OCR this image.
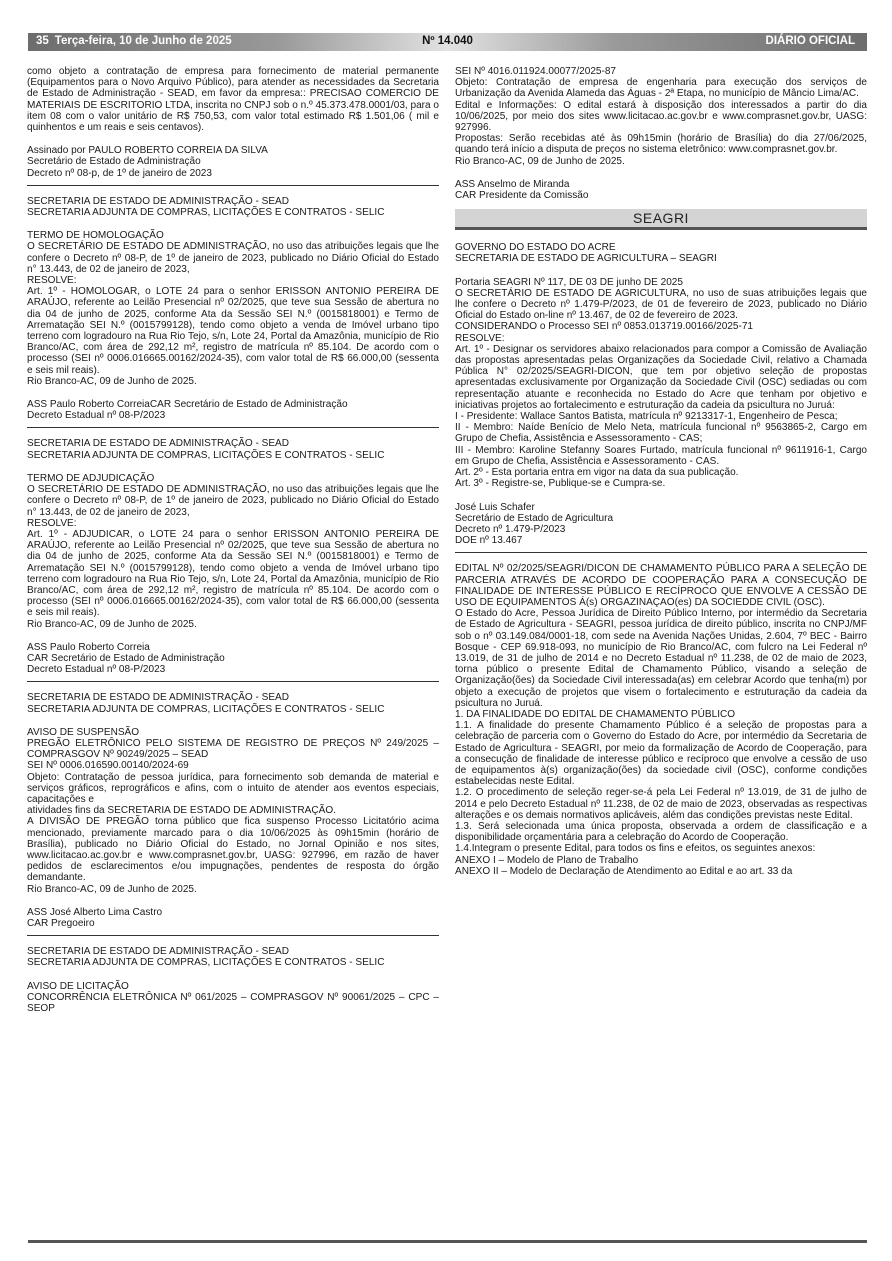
35 Terça-feira, 10 de Junho de 2025	Nº 14.040	DIÁRIO OFICIAL
como objeto a contratação de empresa para fornecimento de material permanente (Equipamentos para o Novo Arquivo Público), para atender as necessidades da Secretaria de Estado de Administração - SEAD, em favor da empresa:: PRECISAO COMERCIO DE MATERIAIS DE ESCRITORIO LTDA, inscrita no CNPJ sob o n.º 45.373.478.0001/03, para o item 08 com o valor unitário de R$ 750,53, com valor total estimado R$ 1.501,06 ( mil e quinhentos e um reais e seis centavos).
Assinado por PAULO ROBERTO CORREIA DA SILVA
Secretário de Estado de Administração
Decreto nº 08-p, de 1º de janeiro de 2023
SECRETARIA DE ESTADO DE ADMINISTRAÇÃO - SEAD
SECRETARIA ADJUNTA DE COMPRAS, LICITAÇÕES E CONTRATOS - SELIC
TERMO DE HOMOLOGAÇÃO
O SECRETÁRIO DE ESTADO DE ADMINISTRAÇÃO, no uso das atribuições legais que lhe confere o Decreto nº 08-P, de 1º de janeiro de 2023, publicado no Diário Oficial do Estado n° 13.443, de 02 de janeiro de 2023,
RESOLVE:
Art. 1º - HOMOLOGAR, o LOTE 24 para o senhor ERISSON ANTONIO PEREIRA DE ARAÚJO, referente ao Leilão Presencial nº 02/2025, que teve sua Sessão de abertura no dia 04 de junho de 2025, conforme Ata da Sessão SEI N.º (0015818001) e Termo de Arrematação SEI N.º (0015799128), tendo como objeto a venda de Imóvel urbano tipo terreno com logradouro na Rua Rio Tejo, s/n, Lote 24, Portal da Amazônia, município de Rio Branco/AC, com área de 292,12 m², registro de matrícula nº 85.104. De acordo com o processo (SEI nº 0006.016665.00162/2024-35), com valor total de R$ 66.000,00 (sessenta e seis mil reais).
Rio Branco-AC, 09 de Junho de 2025.
ASS Paulo Roberto CorreiaCAR Secretário de Estado de Administração
Decreto Estadual nº 08-P/2023
SECRETARIA DE ESTADO DE ADMINISTRAÇÃO - SEAD
SECRETARIA ADJUNTA DE COMPRAS, LICITAÇÕES E CONTRATOS - SELIC
TERMO DE ADJUDICAÇÃO
O SECRETÁRIO DE ESTADO DE ADMINISTRAÇÃO, no uso das atribuições legais que lhe confere o Decreto nº 08-P, de 1º de janeiro de 2023, publicado no Diário Oficial do Estado n° 13.443, de 02 de janeiro de 2023,
RESOLVE:
Art. 1º - ADJUDICAR, o LOTE 24 para o senhor ERISSON ANTONIO PEREIRA DE ARAÚJO, referente ao Leilão Presencial nº 02/2025, que teve sua Sessão de abertura no dia 04 de junho de 2025, conforme Ata da Sessão SEI N.º (0015818001) e Termo de Arrematação SEI N.º (0015799128), tendo como objeto a venda de Imóvel urbano tipo terreno com logradouro na Rua Rio Tejo, s/n, Lote 24, Portal da Amazônia, município de Rio Branco/AC, com área de 292,12 m², registro de matrícula nº 85.104. De acordo com o processo (SEI nº 0006.016665.00162/2024-35), com valor total de R$ 66.000,00 (sessenta e seis mil reais).
Rio Branco-AC, 09 de Junho de 2025.
ASS Paulo Roberto Correia
CAR Secretário de Estado de Administração
Decreto Estadual nº 08-P/2023
SECRETARIA DE ESTADO DE ADMINISTRAÇÃO - SEAD
SECRETARIA ADJUNTA DE COMPRAS, LICITAÇÕES E CONTRATOS - SELIC
AVISO DE SUSPENSÃO
PREGÃO ELETRÔNICO PELO SISTEMA DE REGISTRO DE PREÇOS Nº 249/2025 – COMPRASGOV Nº 90249/2025 – SEAD
SEI Nº 0006.016590.00140/2024-69
Objeto: Contratação de pessoa jurídica, para fornecimento sob demanda de material e serviços gráficos, reprográficos e afins, com o intuito de atender aos eventos especiais, capacitações e
atividades fins da SECRETARIA DE ESTADO DE ADMINISTRAÇÃO.
A DIVISÃO DE PREGÃO torna público que fica suspenso Processo Licitatório acima mencionado, previamente marcado para o dia 10/06/2025 às 09h15min (horário de Brasília), publicado no Diário Oficial do Estado, no Jornal Opinião e nos sites, www.licitacao.ac.gov.br e www.comprasnet.gov.br, UASG: 927996, em razão de haver pedidos de esclarecimentos e/ou impugnações, pendentes de resposta do órgão demandante.
Rio Branco-AC, 09 de Junho de 2025.
ASS José Alberto Lima Castro
CAR Pregoeiro
SECRETARIA DE ESTADO DE ADMINISTRAÇÃO - SEAD
SECRETARIA ADJUNTA DE COMPRAS, LICITAÇÕES E CONTRATOS - SELIC
AVISO DE LICITAÇÃO
CONCORRÊNCIA ELETRÔNICA Nº 061/2025 – COMPRASGOV Nº 90061/2025 – CPC – SEOP
SEI Nº 4016.011924.00077/2025-87
Objeto: Contratação de empresa de engenharia para execução dos serviços de Urbanização da Avenida Alameda das Águas - 2ª Etapa, no município de Mâncio Lima/AC.
Edital e Informações: O edital estará à disposição dos interessados a partir do dia 10/06/2025, por meio dos sites www.licitacao.ac.gov.br e www.comprasnet.gov.br, UASG: 927996.
Propostas: Serão recebidas até às 09h15min (horário de Brasília) do dia 27/06/2025, quando terá início a disputa de preços no sistema eletrônico: www.comprasnet.gov.br.
Rio Branco-AC, 09 de Junho de 2025.
ASS Anselmo de Miranda
CAR Presidente da Comissão
SEAGRI
GOVERNO DO ESTADO DO ACRE
SECRETARIA DE ESTADO DE AGRICULTURA – SEAGRI
Portaria SEAGRI Nº 117, DE 03 DE junho DE 2025
O SECRETÁRIO DE ESTADO DE AGRICULTURA, no uso de suas atribuições legais que lhe confere o Decreto nº 1.479-P/2023, de 01 de fevereiro de 2023, publicado no Diário Oficial do Estado on-line nº 13.467, de 02 de fevereiro de 2023.
CONSIDERANDO o Processo SEI nº 0853.013719.00166/2025-71
RESOLVE:
Art. 1º - Designar os servidores abaixo relacionados para compor a Comissão de Avaliação das propostas apresentadas pelas Organizações da Sociedade Civil, relativo a Chamada Pública N° 02/2025/SEAGRI-DICON, que tem por objetivo seleção de propostas apresentadas exclusivamente por Organização da Sociedade Civil (OSC) sediadas ou com representação atuante e reconhecida no Estado do Acre que tenham por objetivo e iniciativas projetos ao fortalecimento e estruturação da cadeia da psicultura no Juruá:
I - Presidente: Wallace Santos Batista, matrícula nº 9213317-1, Engenheiro de Pesca;
II - Membro: Naíde Benício de Melo Neta, matrícula funcional nº 9563865-2, Cargo em Grupo de Chefia, Assistência e Assessoramento - CAS;
III - Membro: Karoline Stefanny Soares Furtado, matrícula funcional nº 9611916-1, Cargo em Grupo de Chefia, Assistência e Assessoramento - CAS.
Art. 2º - Esta portaria entra em vigor na data da sua publicação.
Art. 3º - Registre-se, Publique-se e Cumpra-se.
José Luis Schafer
Secretário de Estado de Agricultura
Decreto nº 1.479-P/2023
DOE nº 13.467
EDITAL Nº 02/2025/SEAGRI/DICON DE CHAMAMENTO PÚBLICO PARA A SELEÇÃO DE PARCERIA ATRAVÉS DE ACORDO DE COOPERAÇÃO PARA A CONSECUÇÃO DE FINALIDADE DE INTERESSE PÚBLICO E RECÍPROCO QUE ENVOLVE A CESSÃO DE USO DE EQUIPAMENTOS Á(s) ORGAZINAÇAO(es) DA SOCIEDDE CIVIL (OSC).
O Estado do Acre, Pessoa Jurídica de Direito Público Interno, por intermédio da Secretaria de Estado de Agricultura - SEAGRI, pessoa jurídica de direito público, inscrita no CNPJ/MF sob o nº 03.149.084/0001-18, com sede na Avenida Nações Unidas, 2.604, 7º BEC - Bairro Bosque - CEP 69.918-093, no município de Rio Branco/AC, com fulcro na Lei Federal nº 13.019, de 31 de julho de 2014 e no Decreto Estadual nº 11.238, de 02 de maio de 2023, torna público o presente Edital de Chamamento Público, visando a seleção de Organização(ões) da Sociedade Civil interessada(as) em celebrar Acordo que tenha(m) por objeto a execução de projetos que visem o fortalecimento e estruturação da cadeia da psicultura no Juruá.
1. DA FINALIDADE DO EDITAL DE CHAMAMENTO PÚBLICO
1.1. A finalidade do presente Chamamento Público é a seleção de propostas para a celebração de parceria com o Governo do Estado do Acre, por intermédio da Secretaria de Estado de Agricultura - SEAGRI, por meio da formalização de Acordo de Cooperação, para a consecução de finalidade de interesse público e recíproco que envolve a cessão de uso de equipamentos à(s) organização(ões) da sociedade civil (OSC), conforme condições estabelecidas neste Edital.
1.2. O procedimento de seleção reger-se-á pela Lei Federal nº 13.019, de 31 de julho de 2014 e pelo Decreto Estadual nº 11.238, de 02 de maio de 2023, observadas as respectivas alterações e os demais normativos aplicáveis, além das condições previstas neste Edital.
1.3. Será selecionada uma única proposta, observada a ordem de classificação e a disponibilidade orçamentária para a celebração do Acordo de Cooperação.
1.4.Integram o presente Edital, para todos os fins e efeitos, os seguintes anexos:
ANEXO I – Modelo de Plano de Trabalho
ANEXO II – Modelo de Declaração de Atendimento ao Edital e ao art. 33 da
